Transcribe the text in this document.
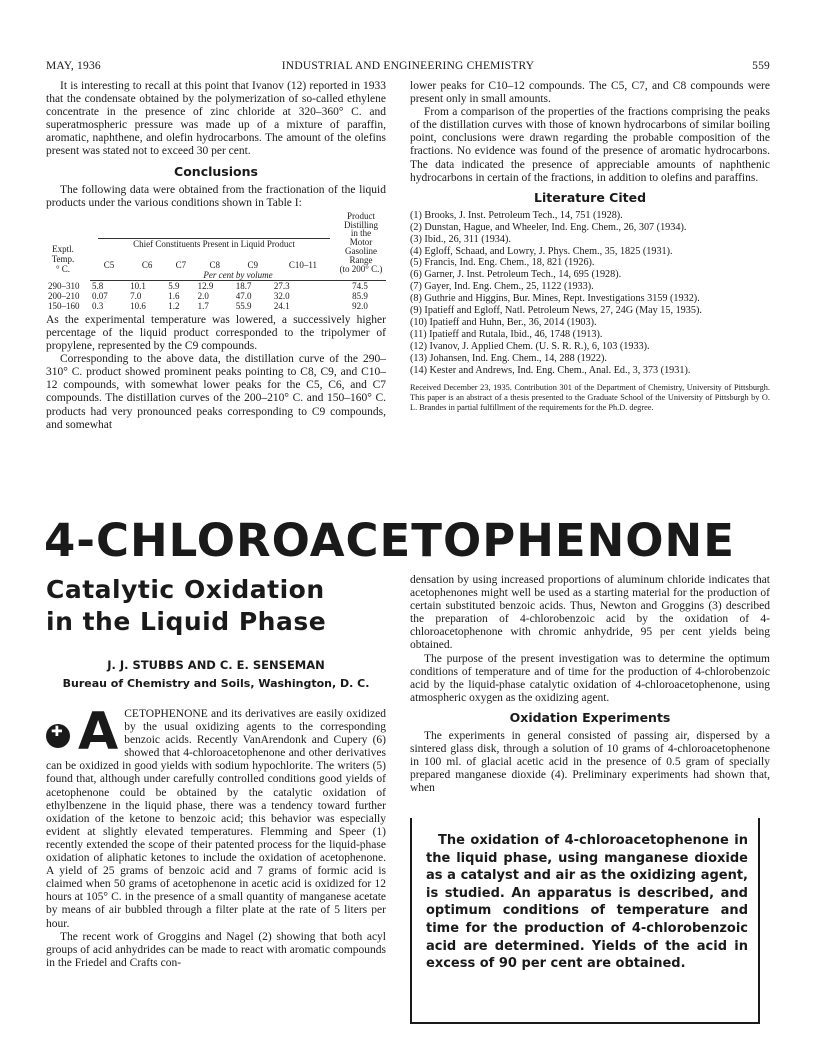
MAY, 1936	INDUSTRIAL AND ENGINEERING CHEMISTRY	559

It is interesting to recall at this point that Ivanov (12) reported in 1933 that the condensate obtained by the polymerization of so-called ethylene concentrate in the presence of zinc chloride at 320–360° C. and superatmospheric pressure was made up of a mixture of paraffin, aromatic, naphthene, and olefin hydrocarbons. The amount of the olefins present was stated not to exceed 30 per cent.

Conclusions

The following data were obtained from the fractionation of the liquid products under the various conditions shown in Table I:

Exptl.
Temp.
° C.
Chief Constituents Present in Liquid Product
Product
Distilling
in the
Motor
Gasoline
Range
(to 200° C.)
	C5	C6	C7	C8	C9	C10–11	
	Per cent by volume						
290–310	5.8	10.1	5.9	12.9	18.7	27.3	74.5
200–210	0.07	7.0	1.6	2.0	47.0	32.0	85.9
150–160	0.3	10.6	1.2	1.7	55.9	24.1	92.0

As the experimental temperature was lowered, a successively higher percentage of the liquid product corresponded to the tripolymer of propylene, represented by the C9 compounds.

Corresponding to the above data, the distillation curve of the 290–310° C. product showed prominent peaks pointing to C8, C9, and C10–12 compounds, with somewhat lower peaks for the C5, C6, and C7 compounds. The distillation curves of the 200–210° C. and 150–160° C. products had very pronounced peaks corresponding to C9 compounds, and somewhat

lower peaks for C10–12 compounds. The C5, C7, and C8 compounds were present only in small amounts.

From a comparison of the properties of the fractions comprising the peaks of the distillation curves with those of known hydrocarbons of similar boiling point, conclusions were drawn regarding the probable composition of the fractions. No evidence was found of the presence of aromatic hydrocarbons. The data indicated the presence of appreciable amounts of naphthenic hydrocarbons in certain of the fractions, in addition to olefins and paraffins.

Literature Cited
(1) Brooks, J. Inst. Petroleum Tech., 14, 751 (1928).
(2) Dunstan, Hague, and Wheeler, Ind. Eng. Chem., 26, 307 (1934).
(3) Ibid., 26, 311 (1934).
(4) Egloff, Schaad, and Lowry, J. Phys. Chem., 35, 1825 (1931).
(5) Francis, Ind. Eng. Chem., 18, 821 (1926).
(6) Garner, J. Inst. Petroleum Tech., 14, 695 (1928).
(7) Gayer, Ind. Eng. Chem., 25, 1122 (1933).
(8) Guthrie and Higgins, Bur. Mines, Rept. Investigations 3159 (1932).
(9) Ipatieff and Egloff, Natl. Petroleum News, 27, 24G (May 15, 1935).
(10) Ipatieff and Huhn, Ber., 36, 2014 (1903).
(11) Ipatieff and Rutala, Ibid., 46, 1748 (1913).
(12) Ivanov, J. Applied Chem. (U. S. R. R.), 6, 103 (1933).
(13) Johansen, Ind. Eng. Chem., 14, 288 (1922).
(14) Kester and Andrews, Ind. Eng. Chem., Anal. Ed., 3, 373 (1931).
Received December 23, 1935. Contribution 301 of the Department of Chemistry, University of Pittsburgh. This paper is an abstract of a thesis presented to the Graduate School of the University of Pittsburgh by O. L. Brandes in partial fulfillment of the requirements for the Ph.D. degree.
4-CHLOROACETOPHENONE
Catalytic Oxidation
in the Liquid Phase
J. J. STUBBS AND C. E. SENSEMAN
Bureau of Chemistry and Soils, Washington, D. C.
✚
A CETOPHENONE and its derivatives are easily oxidized by the usual oxidizing agents to the corresponding benzoic acids. Recently VanArendonk and Cupery (6) showed that 4-chloroacetophenone and other derivatives can be oxidized in good yields with sodium hypochlorite. The writers (5) found that, although under carefully controlled conditions good yields of acetophenone could be obtained by the catalytic oxidation of ethylbenzene in the liquid phase, there was a tendency toward further oxidation of the ketone to benzoic acid; this behavior was especially evident at slightly elevated temperatures. Flemming and Speer (1) recently extended the scope of their patented process for the liquid-phase oxidation of aliphatic ketones to include the oxidation of acetophenone. A yield of 25 grams of benzoic acid and 7 grams of formic acid is claimed when 50 grams of acetophenone in acetic acid is oxidized for 12 hours at 105° C. in the presence of a small quantity of manganese acetate by means of air bubbled through a filter plate at the rate of 5 liters per hour.

The recent work of Groggins and Nagel (2) showing that both acyl groups of acid anhydrides can be made to react with aromatic compounds in the Friedel and Crafts con-

densation by using increased proportions of aluminum chloride indicates that acetophenones might well be used as a starting material for the production of certain substituted benzoic acids. Thus, Newton and Groggins (3) described the preparation of 4-chlorobenzoic acid by the oxidation of 4-chloroacetophenone with chromic anhydride, 95 per cent yields being obtained.

The purpose of the present investigation was to determine the optimum conditions of temperature and of time for the production of 4-chlorobenzoic acid by the liquid-phase catalytic oxidation of 4-chloroacetophenone, using atmospheric oxygen as the oxidizing agent.

Oxidation Experiments

The experiments in general consisted of passing air, dispersed by a sintered glass disk, through a solution of 10 grams of 4-chloroacetophenone in 100 ml. of glacial acetic acid in the presence of 0.5 gram of specially prepared manganese dioxide (4). Preliminary experiments had shown that, when

The oxidation of 4-chloroacetophenone in the liquid phase, using manganese dioxide as a catalyst and air as the oxidizing agent, is studied. An apparatus is described, and optimum conditions of temperature and time for the production of 4-chlorobenzoic acid are determined. Yields of the acid in excess of 90 per cent are obtained.
